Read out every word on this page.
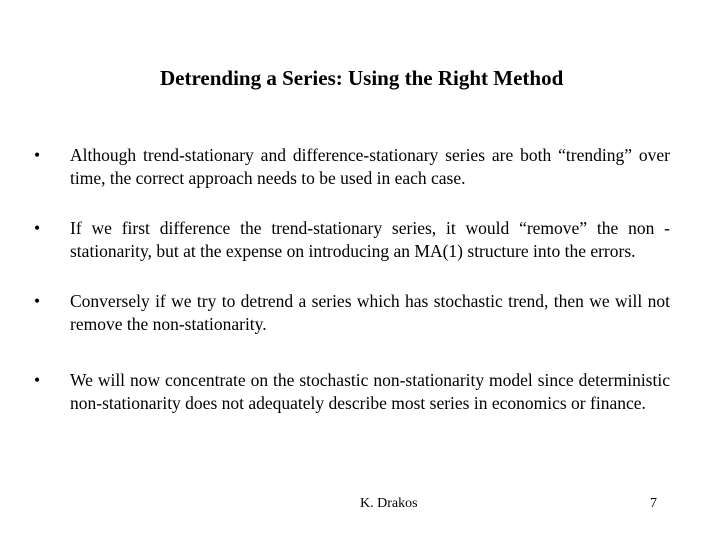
Detrending a Series: Using the Right Method
• Although trend-stationary and difference-stationary series are both “trending” over time, the correct approach needs to be used in each case.
• If we first difference the trend-stationary series, it would “remove” the non -stationarity, but at the expense on introducing an MA(1) structure into the errors.
• Conversely if we try to detrend a series which has stochastic trend, then we will not remove the non-stationarity.
• We will now concentrate on the stochastic non-stationarity model since deterministic non-stationarity does not adequately describe most series in economics or finance.
K. Drakos	7
